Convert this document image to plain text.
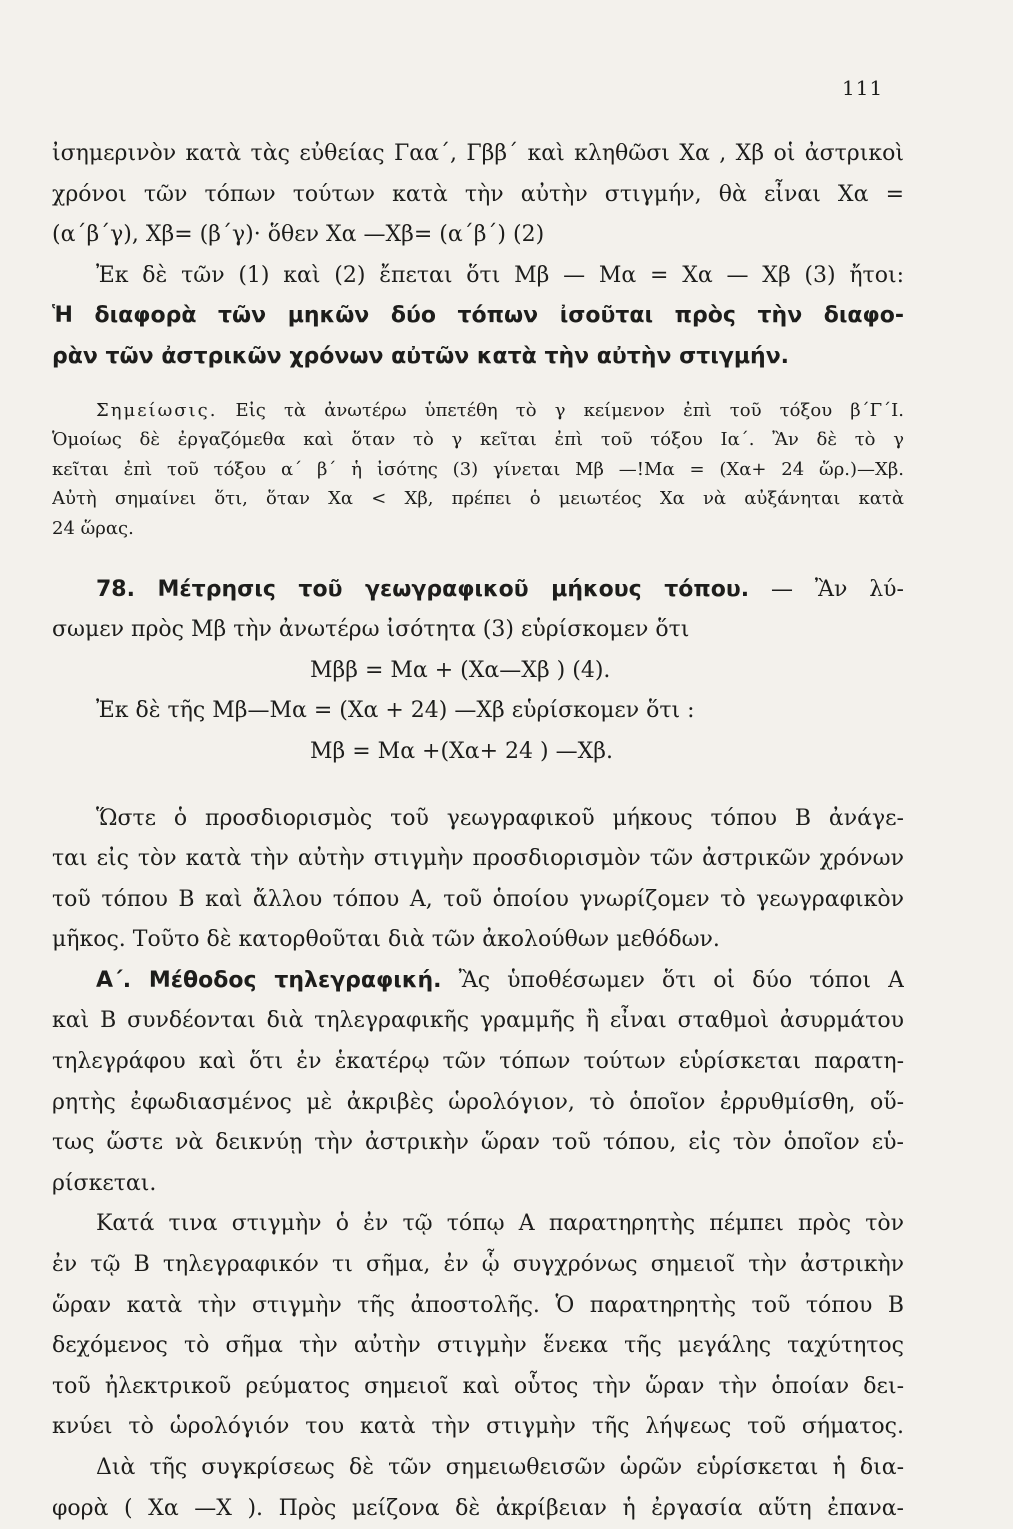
111
ἰσημερινὸν κατὰ τὰς εὐθείας Γαα΄, Γββ΄ καὶ κληθῶσι Xα , Xβ οἱ ἀστρικοὶ
χρόνοι τῶν τόπων τούτων κατὰ τὴν αὐτὴν στιγμήν, θὰ εἶναι Xα =
(α΄β΄γ), Xβ= (β΄γ)· ὅθεν Xα —Xβ= (α΄β΄) (2)
Ἐκ δὲ τῶν (1) καὶ (2) ἔπεται ὅτι Mβ — Mα = Xα — Xβ (3) ἤτοι:
Ἡ διαφορὰ τῶν μηκῶν δύο τόπων ἰσοῦται πρὸς τὴν διαφο-
ρὰν τῶν ἀστρικῶν χρόνων αὐτῶν κατὰ τὴν αὐτὴν στιγμήν.
Σημείωσις. Εἰς τὰ ἀνωτέρω ὑπετέθη τὸ γ κείμενον ἐπὶ τοῦ τόξου β΄Γ΄Ι.
Ὁμοίως δὲ ἐργαζόμεθα καὶ ὅταν τὸ γ κεῖται ἐπὶ τοῦ τόξου Ια΄. Ἂν δὲ τὸ γ
κεῖται ἐπὶ τοῦ τόξου α΄ β΄ ἡ ἰσότης (3) γίνεται Mβ —!Mα = (Xα+ 24 ὥρ.)—Xβ.
Αὐτὴ σημαίνει ὅτι, ὅταν Xα < Xβ, πρέπει ὁ μειωτέος Xα νὰ αὐξάνηται κατὰ
24 ὥρας.
78. Μέτρησις τοῦ γεωγραφικοῦ μήκους τόπου. — Ἂν λύ-
σωμεν πρὸς Mβ τὴν ἀνωτέρω ἰσότητα (3) εὑρίσκομεν ὅτι
Mββ = Mα + (Xα—Xβ ) (4).
Ἐκ δὲ τῆς Mβ—Mα = (Xα + 24) —Xβ εὑρίσκομεν ὅτι :
Mβ = Mα +(Xα+ 24 ) —Xβ.
Ὥστε ὁ προσδιορισμὸς τοῦ γεωγραφικοῦ μήκους τόπου B ἀνάγε-
ται εἰς τὸν κατὰ τὴν αὐτὴν στιγμὴν προσδιορισμὸν τῶν ἀστρικῶν χρόνων
τοῦ τόπου B καὶ ἄλλου τόπου A, τοῦ ὁποίου γνωρίζομεν τὸ γεωγραφικὸν
μῆκος. Τοῦτο δὲ κατορθοῦται διὰ τῶν ἀκολούθων μεθόδων.
Α΄. Μέθοδος τηλεγραφική. Ἂς ὑποθέσωμεν ὅτι οἱ δύο τόποι A
καὶ B συνδέονται διὰ τηλεγραφικῆς γραμμῆς ἢ εἶναι σταθμοὶ ἀσυρμάτου
τηλεγράφου καὶ ὅτι ἐν ἑκατέρῳ τῶν τόπων τούτων εὑρίσκεται παρατη-
ρητὴς ἐφωδιασμένος μὲ ἀκριβὲς ὡρολόγιον, τὸ ὁποῖον ἐρρυθμίσθη, οὕ-
τως ὥστε νὰ δεικνύῃ τὴν ἀστρικὴν ὥραν τοῦ τόπου, εἰς τὸν ὁποῖον εὑ-
ρίσκεται.
Κατά τινα στιγμὴν ὁ ἐν τῷ τόπῳ A παρατηρητὴς πέμπει πρὸς τὸν
ἐν τῷ B τηλεγραφικόν τι σῆμα, ἐν ᾧ συγχρόνως σημειοῖ τὴν ἀστρικὴν
ὥραν κατὰ τὴν στιγμὴν τῆς ἀποστολῆς. Ὁ παρατηρητὴς τοῦ τόπου B
δεχόμενος τὸ σῆμα τὴν αὐτὴν στιγμὴν ἕνεκα τῆς μεγάλης ταχύτητος
τοῦ ἠλεκτρικοῦ ρεύματος σημειοῖ καὶ οὗτος τὴν ὥραν τὴν ὁποίαν δει-
κνύει τὸ ὡρολόγιόν του κατὰ τὴν στιγμὴν τῆς λήψεως τοῦ σήματος.
Διὰ τῆς συγκρίσεως δὲ τῶν σημειωθεισῶν ὡρῶν εὑρίσκεται ἡ δια-
φορὰ ( Xα —X ). Πρὸς μείζονα δὲ ἀκρίβειαν ἡ ἐργασία αὕτη ἐπανα-
